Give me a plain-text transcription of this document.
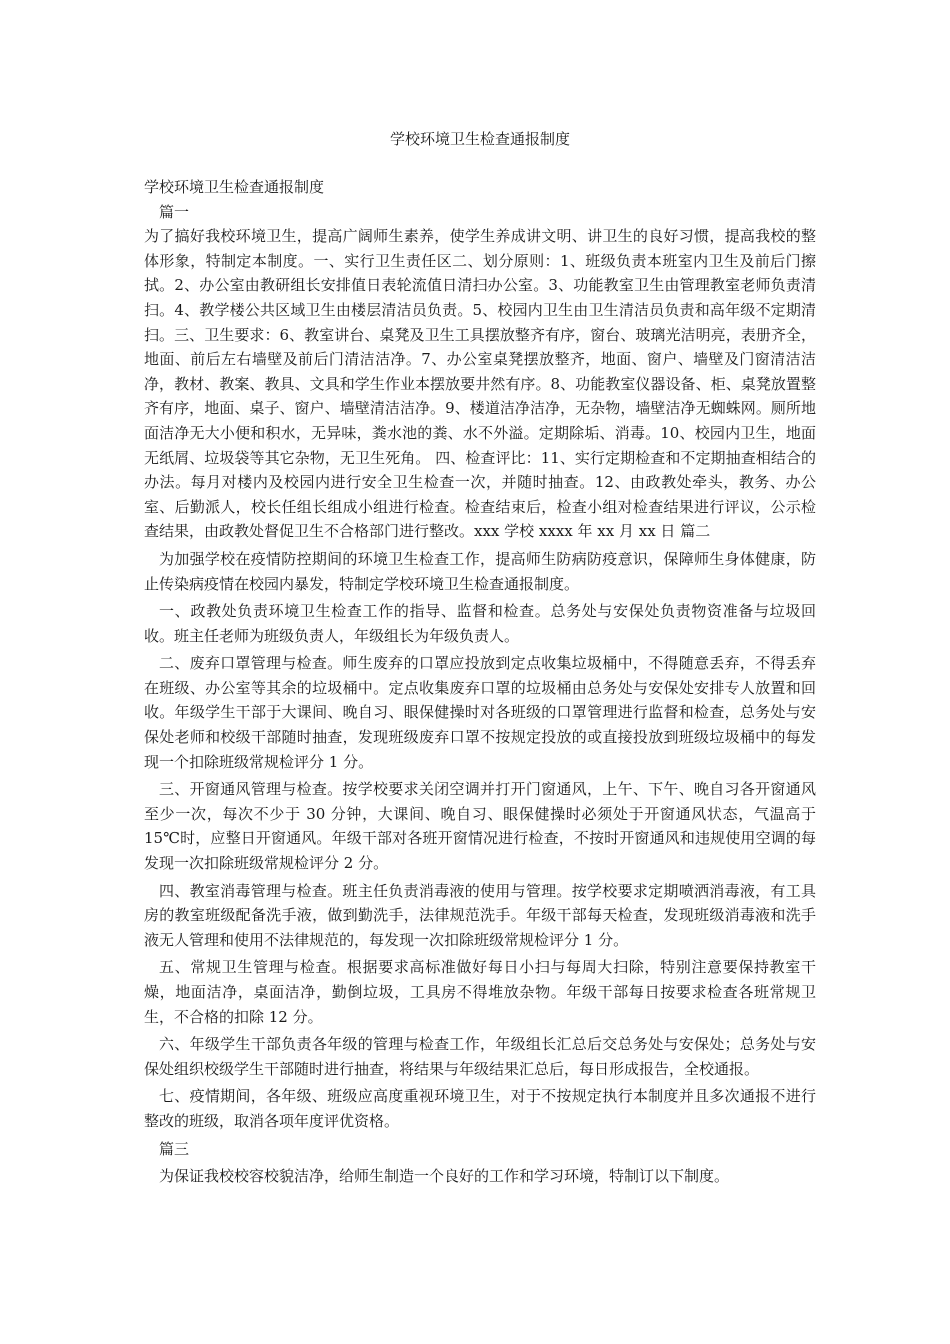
学校环境卫生检查通报制度

学校环境卫生检查通报制度

篇一

为了搞好我校环境卫生，提高广阔师生素养，使学生养成讲文明、讲卫生的良好习惯，提高我校的整体形象，特制定本制度。一、实行卫生责任区二、划分原则：1、班级负责本班室内卫生及前后门擦拭。2、办公室由教研组长安排值日表轮流值日清扫办公室。3、功能教室卫生由管理教室老师负责清扫。4、教学楼公共区域卫生由楼层清洁员负责。5、校园内卫生由卫生清洁员负责和高年级不定期清扫。三、卫生要求：6、教室讲台、桌凳及卫生工具摆放整齐有序，窗台、玻璃光洁明亮，表册齐全，地面、前后左右墙壁及前后门清洁洁净。7、办公室桌凳摆放整齐，地面、窗户、墙壁及门窗清洁洁净，教材、教案、教具、文具和学生作业本摆放要井然有序。8、功能教室仪器设备、柜、桌凳放置整齐有序，地面、桌子、窗户、墙壁清洁洁净。9、楼道洁净洁净，无杂物，墙壁洁净无蜘蛛网。厕所地面洁净无大小便和积水，无异味，粪水池的粪、水不外溢。定期除垢、消毒。10、校园内卫生，地面无纸屑、垃圾袋等其它杂物，无卫生死角。 四、检查评比：11、实行定期检查和不定期抽查相结合的办法。每月对楼内及校园内进行安全卫生检查一次，并随时抽查。12、由政教处牵头，教务、办公室、后勤派人，校长任组长组成小组进行检查。检查结束后，检查小组对检查结果进行评议，公示检查结果，由政教处督促卫生不合格部门进行整改。xxx 学校 xxxx 年 xx 月 xx 日 篇二

为加强学校在疫情防控期间的环境卫生检查工作，提高师生防病防疫意识，保障师生身体健康，防止传染病疫情在校园内暴发，特制定学校环境卫生检查通报制度。

一、政教处负责环境卫生检查工作的指导、监督和检查。总务处与安保处负责物资准备与垃圾回收。班主任老师为班级负责人，年级组长为年级负责人。

二、废弃口罩管理与检查。师生废弃的口罩应投放到定点收集垃圾桶中，不得随意丢弃，不得丢弃在班级、办公室等其余的垃圾桶中。定点收集废弃口罩的垃圾桶由总务处与安保处安排专人放置和回收。年级学生干部于大课间、晚自习、眼保健操时对各班级的口罩管理进行监督和检查，总务处与安保处老师和校级干部随时抽查，发现班级废弃口罩不按规定投放的或直接投放到班级垃圾桶中的每发现一个扣除班级常规检评分 1 分。

三、开窗通风管理与检查。按学校要求关闭空调并打开门窗通风，上午、下午、晚自习各开窗通风至少一次，每次不少于 30 分钟，大课间、晚自习、眼保健操时必须处于开窗通风状态，气温高于 15℃时，应整日开窗通风。年级干部对各班开窗情况进行检查，不按时开窗通风和违规使用空调的每发现一次扣除班级常规检评分 2 分。

四、教室消毒管理与检查。班主任负责消毒液的使用与管理。按学校要求定期喷洒消毒液，有工具房的教室班级配备洗手液，做到勤洗手，法律规范洗手。年级干部每天检查，发现班级消毒液和洗手液无人管理和使用不法律规范的，每发现一次扣除班级常规检评分 1 分。

五、常规卫生管理与检查。根据要求高标准做好每日小扫与每周大扫除，特别注意要保持教室干燥，地面洁净，桌面洁净，勤倒垃圾，工具房不得堆放杂物。年级干部每日按要求检查各班常规卫生，不合格的扣除 12 分。

六、年级学生干部负责各年级的管理与检查工作，年级组长汇总后交总务处与安保处；总务处与安保处组织校级学生干部随时进行抽查，将结果与年级结果汇总后，每日形成报告，全校通报。

七、疫情期间，各年级、班级应高度重视环境卫生，对于不按规定执行本制度并且多次通报不进行整改的班级，取消各项年度评优资格。

篇三

为保证我校校容校貌洁净，给师生制造一个良好的工作和学习环境，特制订以下制度。
